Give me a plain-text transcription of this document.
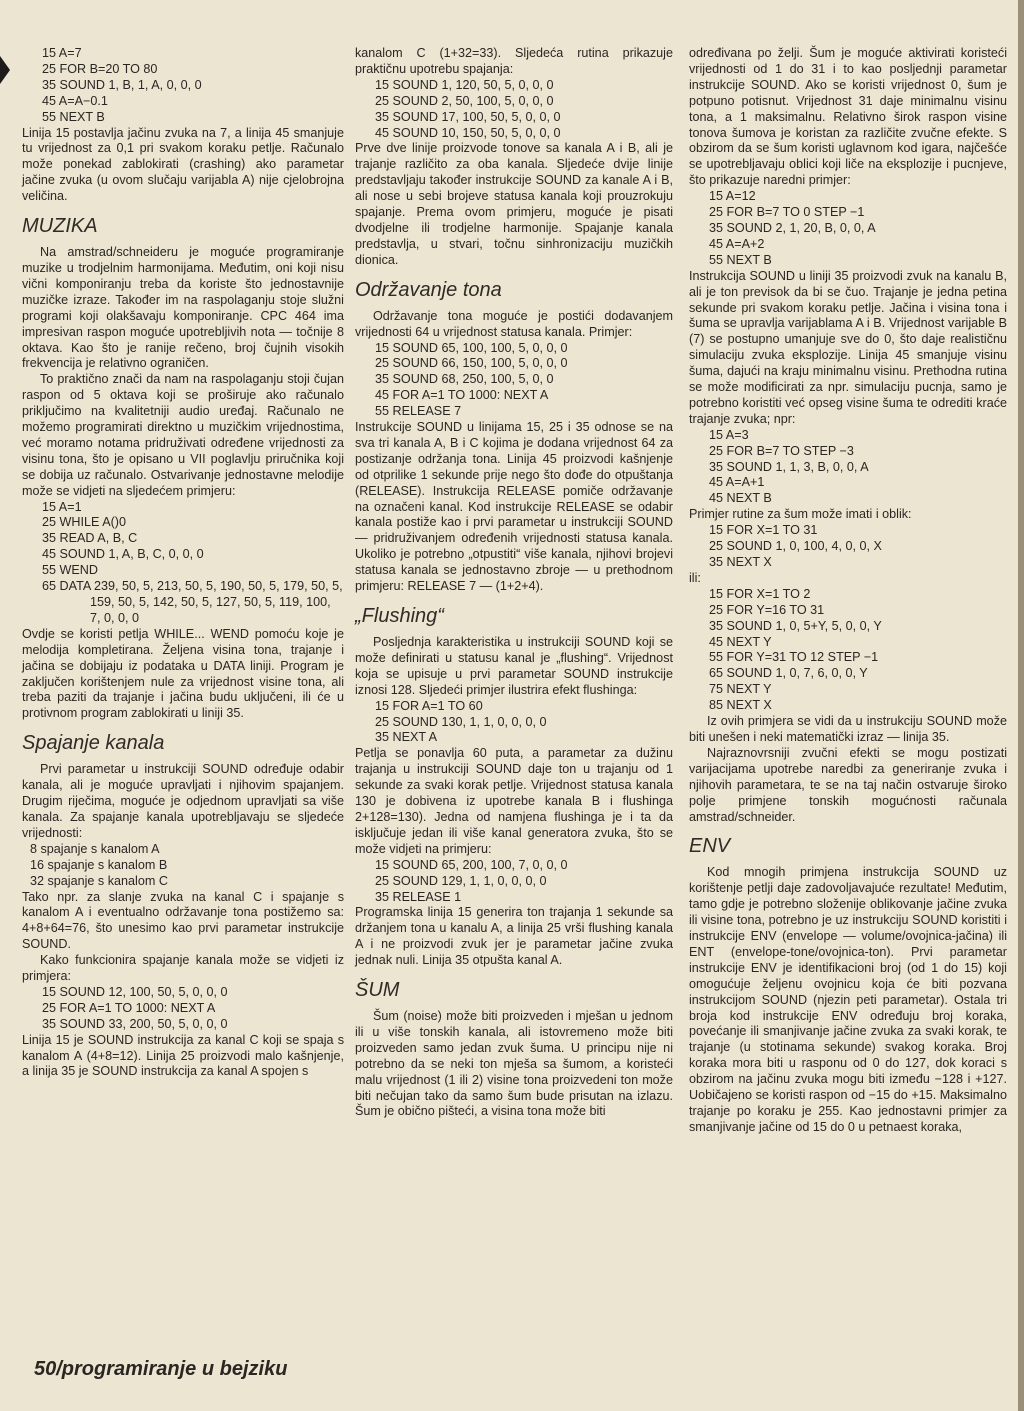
15 A=7
25 FOR B=20 TO 80
35 SOUND 1, B, 1, A, 0, 0, 0
45 A=A−0.1
55 NEXT B

Linija 15 postavlja jačinu zvuka na 7, a linija 45 smanjuje tu vrijednost za 0,1 pri svakom koraku petlje. Računalo može ponekad zablokirati (crashing) ako parametar jačine zvuka (u ovom slučaju varijabla A) nije cjelobrojna veličina.

MUZIKA

Na amstrad/schneideru je moguće programiranje muzike u trodjelnim harmonijama. Međutim, oni koji nisu vični komponiranju treba da koriste što jednostavnije muzičke izraze. Također im na raspolaganju stoje služni programi koji olakšavaju komponiranje. CPC 464 ima impresivan raspon moguće upotrebljivih nota — točnije 8 oktava. Kao što je ranije rečeno, broj čujnih visokih frekvencija je relativno ograničen.

To praktično znači da nam na raspolaganju stoji čujan raspon od 5 oktava koji se proširuje ako računalo priključimo na kvalitetniji audio uređaj. Računalo ne možemo programirati direktno u muzičkim vrijednostima, već moramo notama pridruživati određene vrijednosti za visinu tona, što je opisano u VII poglavlju priručnika koji se dobija uz računalo. Ostvarivanje jednostavne melodije može se vidjeti na sljedećem primjeru:

15 A=1
25 WHILE A()0
35 READ A, B, C
45 SOUND 1, A, B, C, 0, 0, 0
55 WEND
65 DATA 239, 50, 5, 213, 50, 5, 190, 50, 5, 179, 50, 5, 159, 50, 5, 142, 50, 5, 127, 50, 5, 119, 100, 7, 0, 0, 0

Ovdje se koristi petlja WHILE... WEND pomoću koje je melodija kompletirana. Željena visina tona, trajanje i jačina se dobijaju iz podataka u DATA liniji. Program je zaključen korištenjem nule za vrijednost visine tona, ali treba paziti da trajanje i jačina budu uključeni, ili će u protivnom program zablokirati u liniji 35.

Spajanje kanala

Prvi parametar u instrukciji SOUND određuje odabir kanala, ali je moguće upravljati i njihovim spajanjem. Drugim riječima, moguće je odjednom upravljati sa više kanala. Za spajanje kanala upotrebljavaju se sljedeće vrijednosti:

8 spajanje s kanalom A
16 spajanje s kanalom B
32 spajanje s kanalom C

Tako npr. za slanje zvuka na kanal C i spajanje s kanalom A i eventualno održavanje tona postižemo sa: 4+8+64=76, što unesimo kao prvi parametar instrukcije SOUND.

Kako funkcionira spajanje kanala može se vidjeti iz primjera:

15 SOUND 12, 100, 50, 5, 0, 0, 0
25 FOR A=1 TO 1000: NEXT A
35 SOUND 33, 200, 50, 5, 0, 0, 0

Linija 15 je SOUND instrukcija za kanal C koji se spaja s kanalom A (4+8=12). Linija 25 proizvodi malo kašnjenje, a linija 35 je SOUND instrukcija za kanal A spojen s

kanalom C (1+32=33). Sljedeća rutina prikazuje praktičnu upotrebu spajanja:

15 SOUND 1, 120, 50, 5, 0, 0, 0
25 SOUND 2, 50, 100, 5, 0, 0, 0
35 SOUND 17, 100, 50, 5, 0, 0, 0
45 SOUND 10, 150, 50, 5, 0, 0, 0

Prve dve linije proizvode tonove sa kanala A i B, ali je trajanje različito za oba kanala. Sljedeće dvije linije predstavljaju također instrukcije SOUND za kanale A i B, ali nose u sebi brojeve statusa kanala koji prouzrokuju spajanje. Prema ovom primjeru, moguće je pisati dvodjelne ili trodjelne harmonije. Spajanje kanala predstavlja, u stvari, točnu sinhronizaciju muzičkih dionica.

Održavanje tona

Održavanje tona moguće je postići dodavanjem vrijednosti 64 u vrijednost statusa kanala. Primjer:

15 SOUND 65, 100, 100, 5, 0, 0, 0
25 SOUND 66, 150, 100, 5, 0, 0, 0
35 SOUND 68, 250, 100, 5, 0, 0
45 FOR A=1 TO 1000: NEXT A
55 RELEASE 7

Instrukcije SOUND u linijama 15, 25 i 35 odnose se na sva tri kanala A, B i C kojima je dodana vrijednost 64 za postizanje održanja tona. Linija 45 proizvodi kašnjenje od otprilike 1 sekunde prije nego što dođe do otpuštanja (RELEASE). Instrukcija RELEASE pomiče održavanje na označeni kanal. Kod instrukcije RELEASE se odabir kanala postiže kao i prvi parametar u instrukciji SOUND — pridruživanjem određenih vrijednosti statusa kanala. Ukoliko je potrebno „otpustiti“ više kanala, njihovi brojevi statusa kanala se jednostavno zbroje — u prethodnom primjeru: RELEASE 7 — (1+2+4).

„Flushing“

Posljednja karakteristika u instrukciji SOUND koji se može definirati u statusu kanal je „flushing“. Vrijednost koja se upisuje u prvi parametar SOUND instrukcije iznosi 128. Sljedeći primjer ilustrira efekt flushinga:

15 FOR A=1 TO 60
25 SOUND 130, 1, 1, 0, 0, 0, 0
35 NEXT A

Petlja se ponavlja 60 puta, a parametar za dužinu trajanja u instrukciji SOUND daje ton u trajanju od 1 sekunde za svaki korak petlje. Vrijednost statusa kanala 130 je dobivena iz upotrebe kanala B i flushinga 2+128=130). Jedna od namjena flushinga je i ta da isključuje jedan ili više kanal generatora zvuka, što se može vidjeti na primjeru:

15 SOUND 65, 200, 100, 7, 0, 0, 0
25 SOUND 129, 1, 1, 0, 0, 0, 0
35 RELEASE 1

Programska linija 15 generira ton trajanja 1 sekunde sa držanjem tona u kanalu A, a linija 25 vrši flushing kanala A i ne proizvodi zvuk jer je parametar jačine zvuka jednak nuli. Linija 35 otpušta kanal A.

ŠUM

Šum (noise) može biti proizveden i mješan u jednom ili u više tonskih kanala, ali istovremeno može biti proizveden samo jedan zvuk šuma. U principu nije ni potrebno da se neki ton mješa sa šumom, a koristeći malu vrijednost (1 ili 2) visine tona proizvedeni ton može biti nečujan tako da samo šum bude prisutan na izlazu. Šum je obično pištеći, a visina tona može biti

određivana po želji. Šum je moguće aktivirati koristeći vrijednosti od 1 do 31 i to kao posljednji parametar instrukcije SOUND. Ako se koristi vrijednost 0, šum je potpuno potisnut. Vrijednost 31 daje minimalnu visinu tona, a 1 maksimalnu. Relativno širok raspon visine tonova šumova je koristan za različite zvučne efekte. S obzirom da se šum koristi uglavnom kod igara, najčešće se upotrebljavaju oblici koji liče na eksplozije i pucnjeve, što prikazuje naredni primjer:

15 A=12
25 FOR B=7 TO 0 STEP −1
35 SOUND 2, 1, 20, B, 0, 0, A
45 A=A+2
55 NEXT B

Instrukcija SOUND u liniji 35 proizvodi zvuk na kanalu B, ali je ton previsok da bi se čuo. Trajanje je jedna petina sekunde pri svakom koraku petlje. Jačina i visina tona i šuma se upravlja varijablama A i B. Vrijednost varijable B (7) se postupno umanjuje sve do 0, što daje realističnu simulaciju zvuka eksplozije. Linija 45 smanjuje visinu šuma, dajući na kraju minimalnu visinu. Prethodna rutina se može modificirati za npr. simulaciju pucnja, samo je potrebno koristiti već opseg visine šuma te odrediti kraće trajanje zvuka; npr:

15 A=3
25 FOR B=7 TO STEP −3
35 SOUND 1, 1, 3, B, 0, 0, A
45 A=A+1
45 NEXT B

Primjer rutine za šum može imati i oblik:

15 FOR X=1 TO 31
25 SOUND 1, 0, 100, 4, 0, 0, X
35 NEXT X

ili:

15 FOR X=1 TO 2
25 FOR Y=16 TO 31
35 SOUND 1, 0, 5+Y, 5, 0, 0, Y
45 NEXT Y
55 FOR Y=31 TO 12 STEP −1
65 SOUND 1, 0, 7, 6, 0, 0, Y
75 NEXT Y
85 NEXT X

Iz ovih primjera se vidi da u instrukciju SOUND može biti unešen i neki matematički izraz — linija 35.

Najraznovrsniji zvučni efekti se mogu postizati varijacijama upotrebe naredbi za generiranje zvuka i njihovih parametara, te se na taj način ostvaruje široko polje primjene tonskih mogućnosti računala amstrad/schneider.

ENV

Kod mnogih primjena instrukcija SOUND uz korištenje petlji daje zadovoljavajuće rezultate! Međutim, tamo gdje je potrebno složenije oblikovanje jačine zvuka ili visine tona, potrebno je uz instrukciju SOUND koristiti i instrukcije ENV (envelope — volume/ovojnica-jačina) ili ENT (envelope-tone/ovojnica-ton). Prvi parametar instrukcije ENV je identifikacioni broj (od 1 do 15) koji omogućuje željenu ovojnicu koja će biti pozvana instrukcijom SOUND (njezin peti parametar). Ostala tri broja kod instrukcije ENV određuju broj koraka, povećanje ili smanjivanje jačine zvuka za svaki korak, te trajanje (u stotinama sekunde) svakog koraka. Broj koraka mora biti u rasponu od 0 do 127, dok koraci s obzirom na jačinu zvuka mogu biti između −128 i +127. Uobičajeno se koristi raspon od −15 do +15. Maksimalno trajanje po koraku je 255. Kao jednostavni primjer za smanjivanje jačine od 15 do 0 u petnaest koraka,

50/programiranje u bejziku
